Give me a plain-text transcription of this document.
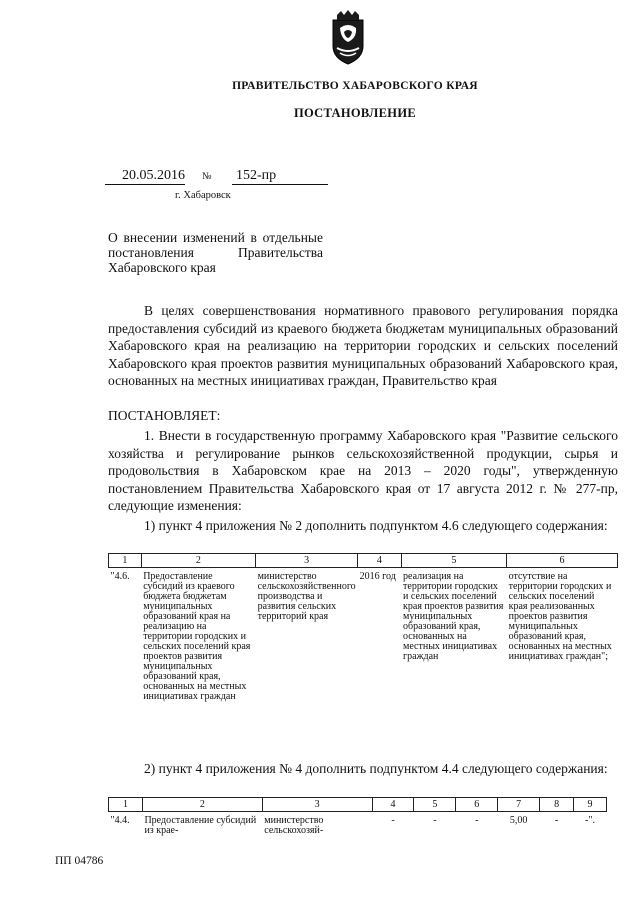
ПРАВИТЕЛЬСТВО ХАБАРОВСКОГО КРАЯ
ПОСТАНОВЛЕНИЕ
20.05.2016 № 152-пр
г. Хабаровск
О внесении изменений в отдельные постановления Правительства Хабаровского края
В целях совершенствования нормативного правового регулирования порядка предоставления субсидий из краевого бюджета бюджетам муниципальных образований Хабаровского края на реализацию на территории городских и сельских поселений Хабаровского края проектов развития муниципальных образований Хабаровского края, основанных на местных инициативах граждан, Правительство края
ПОСТАНОВЛЯЕТ:
1. Внести в государственную программу Хабаровского края "Развитие сельского хозяйства и регулирование рынков сельскохозяйственной продукции, сырья и продовольствия в Хабаровском крае на 2013 – 2020 годы", утвержденную постановлением Правительства Хабаровского края от 17 августа 2012 г. № 277-пр, следующие изменения:
1) пункт 4 приложения № 2 дополнить подпунктом 4.6 следующего содержания:
1	2	3	4	5	6
"4.6.	Предоставление субсидий из краевого бюджета бюджетам муниципальных образований края на реализацию на территории городских и сельских поселений края проектов развития муниципальных образований края, основанных на местных инициативах граждан	министерство сельскохозяйственного производства и развития сельских территорий края	2016 год	реализация на территории городских и сельских поселений края проектов развития муниципальных образований края, основанных на местных инициативах граждан	отсутствие на территории городских и сельских поселений края реализованных проектов развития муниципальных образований края, основанных на местных инициативах граждан";
2) пункт 4 приложения № 4 дополнить подпунктом 4.4 следующего содержания:
1	2	3	4	5	6	7	8	9
"4.4.	Предоставление субсидий из крае-	министерство сельскохозяй-	-	-	-	5,00	-	-".
ПП 04786
